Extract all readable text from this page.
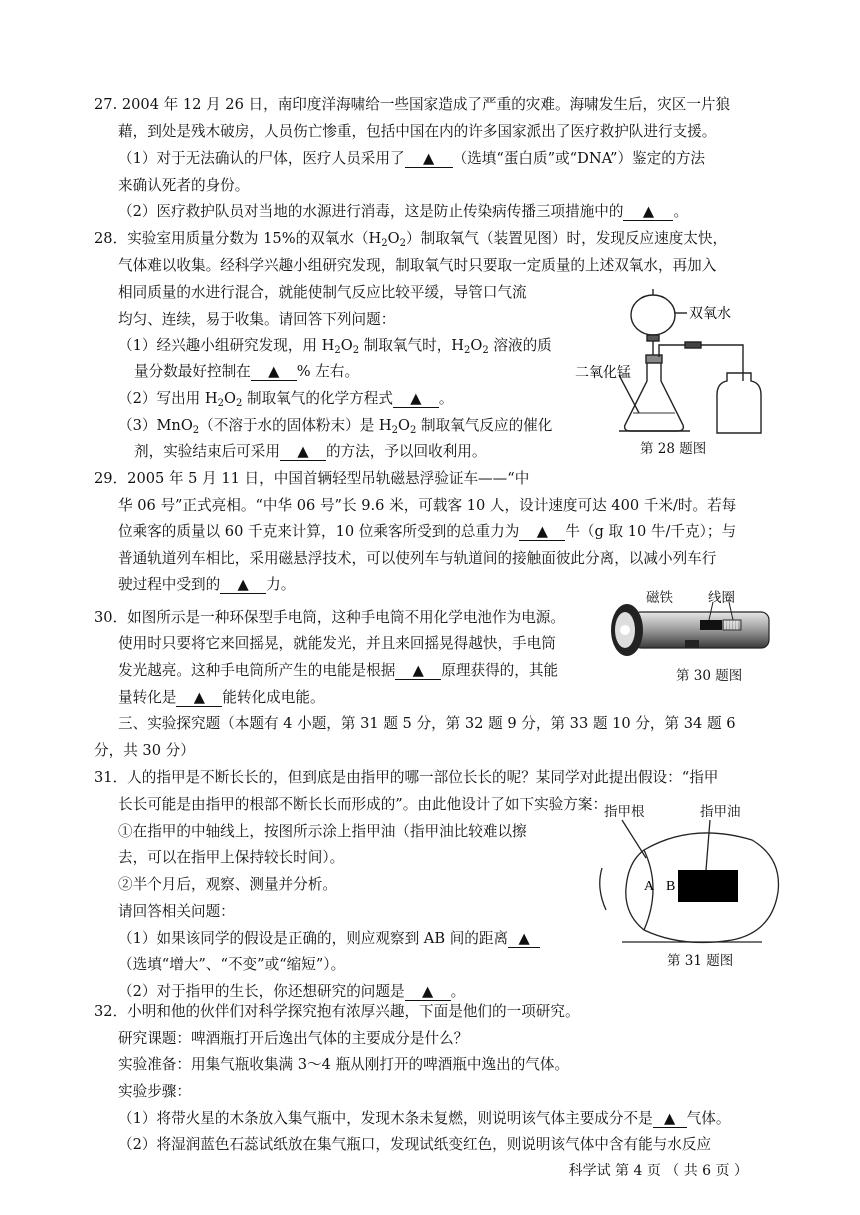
27. 2004 年 12 月 26 日，南印度洋海啸给一些国家造成了严重的灾难。海啸发生后，灾区一片狼
藉，到处是残木破房，人员伤亡惨重，包括中国在内的许多国家派出了医疗救护队进行支援。
（1）对于无法确认的尸体，医疗人员采用了 ▲ （选填“蛋白质”或“DNA”）鉴定的方法
来确认死者的身份。
（2）医疗救护队员对当地的水源进行消毒，这是防止传染病传播三项措施中的 ▲ 。
28．实验室用质量分数为 15%的双氧水$(H_2O_2)$制取氧气（装置见图）时，发现反应速度太快，
气体难以收集。经科学兴趣小组研究发现，制取氧气时只要取一定质量的上述双氧水，再加入
相同质量的水进行混合，就能使制气反应比较平缓，导管口气流
均匀、连续，易于收集。请回答下列问题：
（1）经兴趣小组研究发现，用 $H_2O_2$ 制取氧气时，$H_2O_2$ 溶液的质
量分数最好控制在 ▲ % 左右。
（2）写出用 $H_2O_2$ 制取氧气的化学方程式 ▲ 。
（3）MnO$_2$（不溶于水的固体粉末）是 $H_2O_2$ 制取氧气反应的催化
剂，实验结束后可采用 ▲ 的方法，予以回收利用。
双氧水
二氧化锰
第 28 题图
29．2005 年 5 月 11 日，中国首辆轻型吊轨磁悬浮验证车——“中
华 06 号”正式亮相。“中华 06 号”长 9.6 米，可载客 10 人，设计速度可达 400 千米/时。若每
位乘客的质量以 60 千克来计算，10 位乘客所受到的总重力为 ▲ 牛（g 取 10 牛/千克）；与
普通轨道列车相比，采用磁悬浮技术，可以使列车与轨道间的接触面彼此分离，以减小列车行
驶过程中受到的 ▲ 力。
30．如图所示是一种环保型手电筒，这种手电筒不用化学电池作为电源。
使用时只要将它来回摇晃，就能发光，并且来回摇晃得越快，手电筒
发光越亮。这种手电筒所产生的电能是根据 ▲ 原理获得的，其能
量转化是 ▲ 能转化成电能。
磁铁	线圈
第 30 题图
三、实验探究题（本题有 4 小题，第 31 题 5 分，第 32 题 9 分，第 33 题 10 分，第 34 题 6
分，共 30 分）
31．人的指甲是不断长长的，但到底是由指甲的哪一部位长长的呢？某同学对此提出假设：“指甲
长长可能是由指甲的根部不断长长而形成的”。由此他设计了如下实验方案：
①在指甲的中轴线上，按图所示涂上指甲油（指甲油比较难以擦
去，可以在指甲上保持较长时间）。
②半个月后，观察、测量并分析。
请回答相关问题：
（1）如果该同学的假设是正确的，则应观察到 AB 间的距离 ▲
（选填“增大”、“不变”或“缩短”）。
（2）对于指甲的生长，你还想研究的问题是 ▲ 。
指甲根	指甲油
A B
第 31 题图
32．小明和他的伙伴们对科学探究抱有浓厚兴趣，下面是他们的一项研究。
研究课题：啤酒瓶打开后逸出气体的主要成分是什么？
实验准备：用集气瓶收集满 3～4 瓶从刚打开的啤酒瓶中逸出的气体。
实验步骤：
（1）将带火星的木条放入集气瓶中，发现木条未复燃，则说明该气体主要成分不是 ▲ 气体。
（2）将湿润蓝色石蕊试纸放在集气瓶口，发现试纸变红色，则说明该气体中含有能与水反应
科学试 第 4 页 （ 共 6 页 ）
